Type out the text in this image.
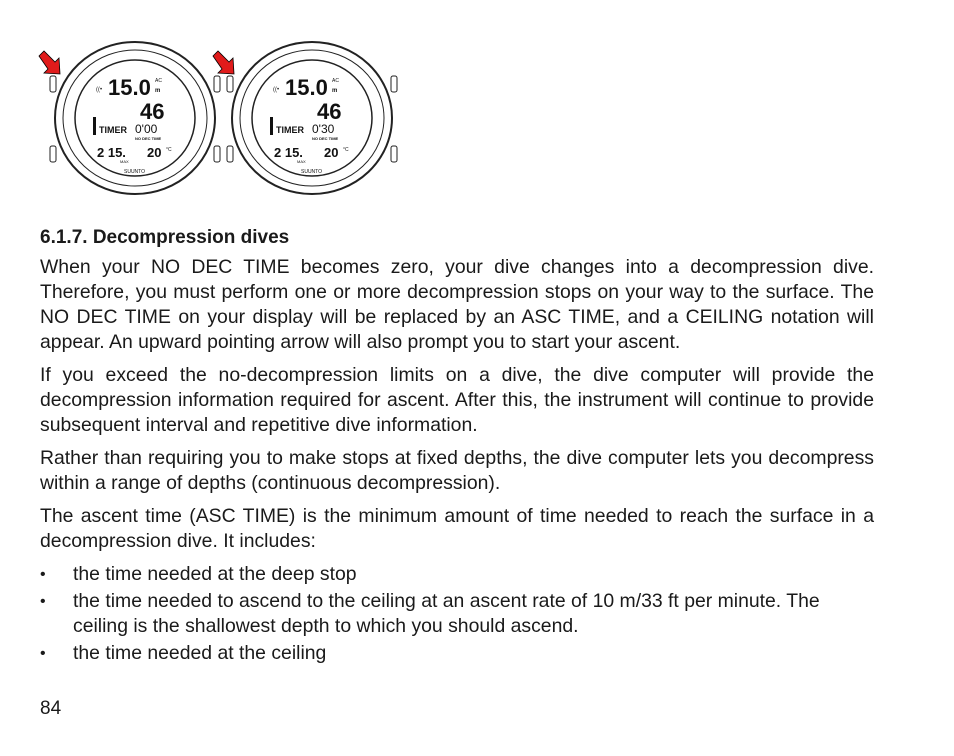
((• 15.0 AC
m
46
TIMER 0'00
NO DEC TIME
2 15. 20 °C
MAX
SUUNTO
((• 15.0 AC
m
46
TIMER 0'30
NO DEC TIME
2 15. 20 °C
MAX
SUUNTO
6.1.7. Decompression dives

When your NO DEC TIME becomes zero, your dive changes into a decompression dive. Therefore, you must perform one or more decompression stops on your way to the surface. The NO DEC TIME on your display will be replaced by an ASC TIME, and a CEILING notation will appear. An upward pointing arrow will also prompt you to start your ascent.

If you exceed the no-decompression limits on a dive, the dive computer will provide the decompression information required for ascent. After this, the instrument will continue to provide subsequent interval and repetitive dive information.

Rather than requiring you to make stops at fixed depths, the dive computer lets you decompress within a range of depths (continuous decompression).

The ascent time (ASC TIME) is the minimum amount of time needed to reach the surface in a decompression dive. It includes:

• the time needed at the deep stop
• the time needed to ascend to the ceiling at an ascent rate of 10 m/33 ft per minute. The ceiling is the shallowest depth to which you should ascend.
• the time needed at the ceiling
84
